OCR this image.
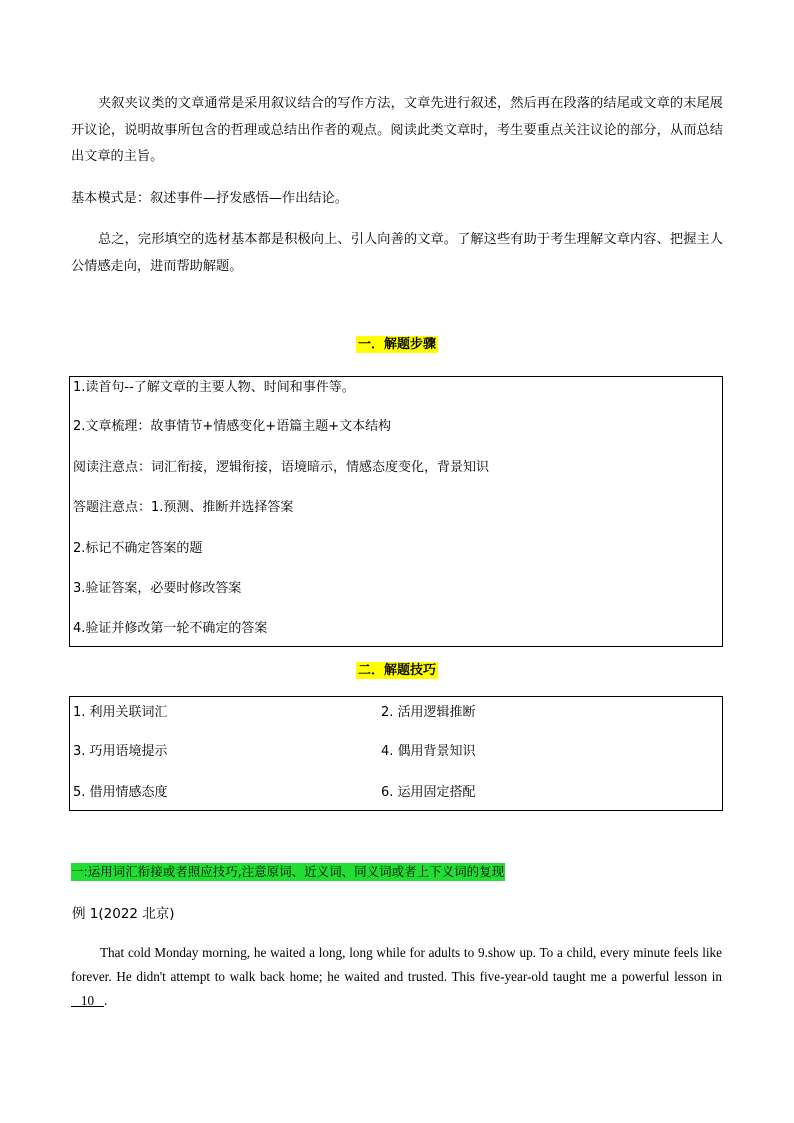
夹叙夹议类的文章通常是采用叙议结合的写作方法，文章先进行叙述，然后再在段落的结尾或文章的末尾展开议论，说明故事所包含的哲理或总结出作者的观点。阅读此类文章时，考生要重点关注议论的部分，从而总结出文章的主旨。
基本模式是：叙述事件—抒发感悟—作出结论。
总之，完形填空的选材基本都是积极向上、引人向善的文章。了解这些有助于考生理解文章内容、把握主人公情感走向，进而帮助解题。
一．解题步骤
1.读首句--了解文章的主要人物、时间和事件等。
2.文章梳理：故事情节+情感变化+语篇主题+文本结构
阅读注意点：词汇衔接，逻辑衔接，语境暗示，情感态度变化，背景知识
答题注意点：1.预测、推断并选择答案
2.标记不确定答案的题
3.验证答案，必要时修改答案
4.验证并修改第一轮不确定的答案
二．解题技巧
1. 利用关联词汇	2. 活用逻辑推断
3. 巧用语境提示	4. 偶用背景知识
5. 借用情感态度	6. 运用固定搭配
一:运用词汇衔接或者照应技巧,注意原词、近义词、同义词或者上下义词的复现
例 1(2022 北京)
That cold Monday morning, he waited a long, long while for adults to 9.show up. To a child, every minute feels like forever. He didn't attempt to walk back home; he waited and trusted. This five-year-old taught me a powerful lesson in    10   .
